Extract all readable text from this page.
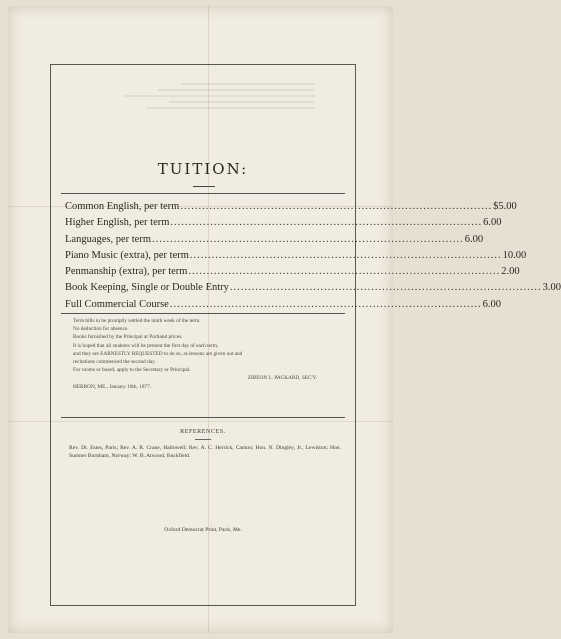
TUITION:
Common English, per term ...................................................................................... $5.00
Higher English, per term ...................................................................................... 6.00
Languages, per term ...................................................................................... 6.00
Piano Music (extra), per term ...................................................................................... 10.00
Penmanship (extra), per term ...................................................................................... 2.00
Book Keeping, Single or Double Entry ...................................................................................... 3.00
Full Commercial Course ...................................................................................... 6.00
Term bills to be promptly settled the ninth week of the term.
No deduction for absence.
Books furnished by the Principal at Portland prices.
It is hoped that all students will be present the first day of each term,
and they are EARNESTLY REQUESTED to do so, as lessons are given out and
recitations commenced the second day.
For rooms or board, apply to the Secretary or Principal.
ZIBEON L. PACKARD, SEC'Y.
HEBRON, ME., January 10th, 1877.
REFERENCES.
Rev. Dr. Estes, Paris; Rev. A. R. Crane, Hallowell; Rev. A. C. Herrick, Canton; Hon. N. Dingley, Jr., Lewiston; Hon. Sumner Burnham, Norway; W. B. Atwood, Buckfield.
Oxford Democrat Print, Paris, Me.
